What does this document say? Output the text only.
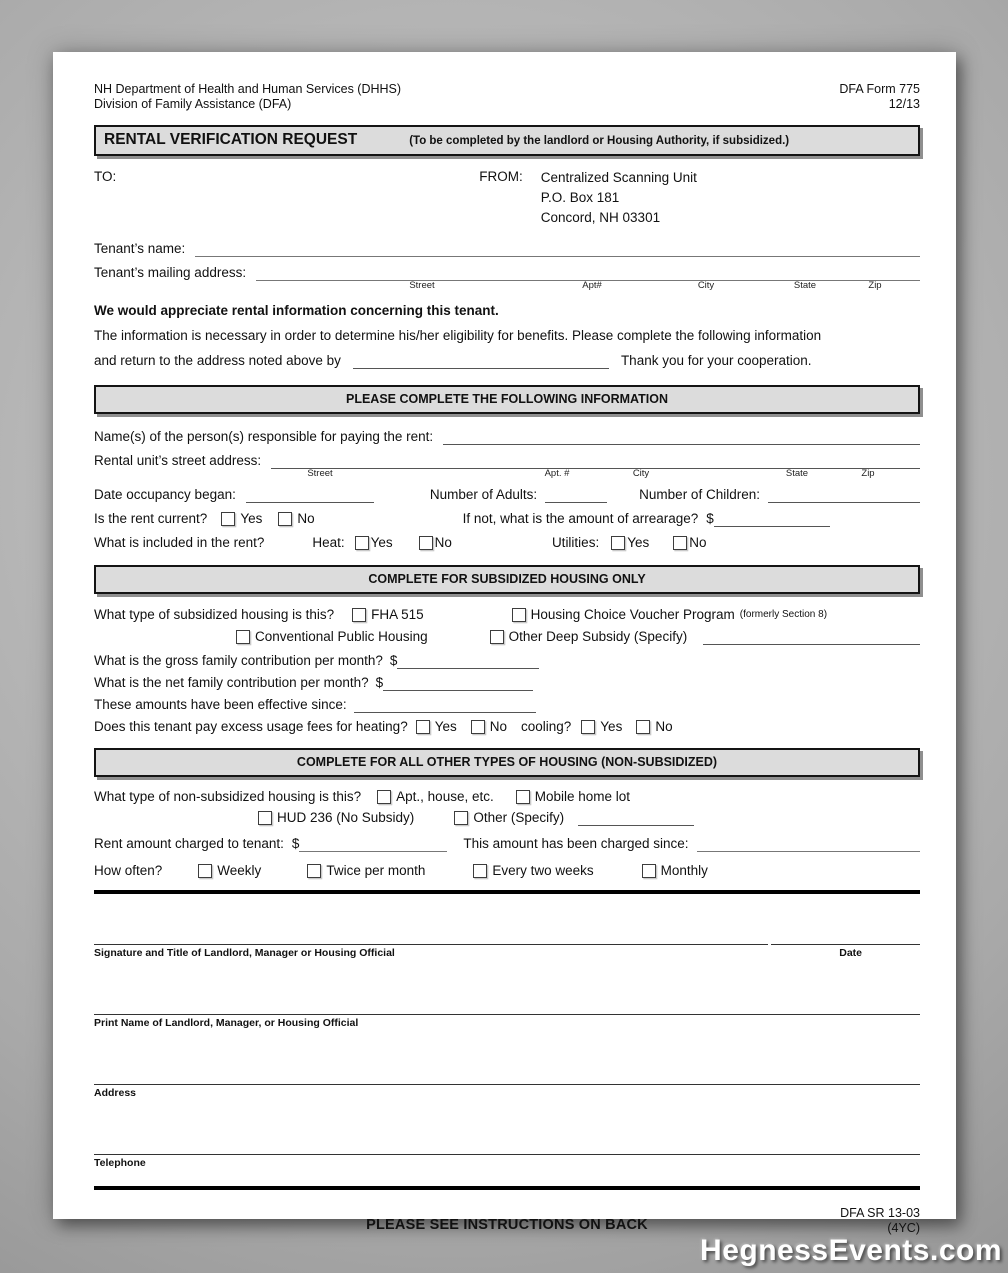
NH Department of Health and Human Services (DHHS)
Division of Family Assistance (DFA)
DFA Form 775
12/13
RENTAL VERIFICATION REQUEST	(To be completed by the landlord or Housing Authority, if subsidized.)
TO:	FROM: Centralized Scanning Unit
P.O. Box 181
Concord, NH 03301
Tenant’s name:
Tenant’s mailing address:
Street	Apt#	City	State	Zip
We would appreciate rental information concerning this tenant.
The information is necessary in order to determine his/her eligibility for benefits. Please complete the following information
and return to the address noted above by	Thank you for your cooperation.
PLEASE COMPLETE THE FOLLOWING INFORMATION
Name(s) of the person(s) responsible for paying the rent:
Rental unit’s street address:
Street	Apt. #	City	State	Zip
Date occupancy began:	Number of Adults:	Number of Children:
Is the rent current? Yes	No	If not, what is the amount of arrearage? $
What is included in the rent?	Heat: Yes	No	Utilities: Yes	No
COMPLETE FOR SUBSIDIZED HOUSING ONLY
What type of subsidized housing is this?	FHA 515	Housing Choice Voucher Program (formerly Section 8)
Conventional Public Housing	Other Deep Subsidy (Specify)
What is the gross family contribution per month? $
What is the net family contribution per month? $
These amounts have been effective since:
Does this tenant pay excess usage fees for heating? Yes No cooling? Yes No
COMPLETE FOR ALL OTHER TYPES OF HOUSING (NON-SUBSIDIZED)
What type of non-subsidized housing is this?	Apt., house, etc.	Mobile home lot
HUD 236 (No Subsidy)	Other (Specify)
Rent amount charged to tenant: $	This amount has been charged since:
How often?	Weekly	Twice per month	Every two weeks	Monthly
Signature and Title of Landlord, Manager or Housing Official	Date
Print Name of Landlord, Manager, or Housing Official
Address
Telephone
PLEASE SEE INSTRUCTIONS ON BACK
DFA SR 13-03
(4YC)
HegnessEvents.com
